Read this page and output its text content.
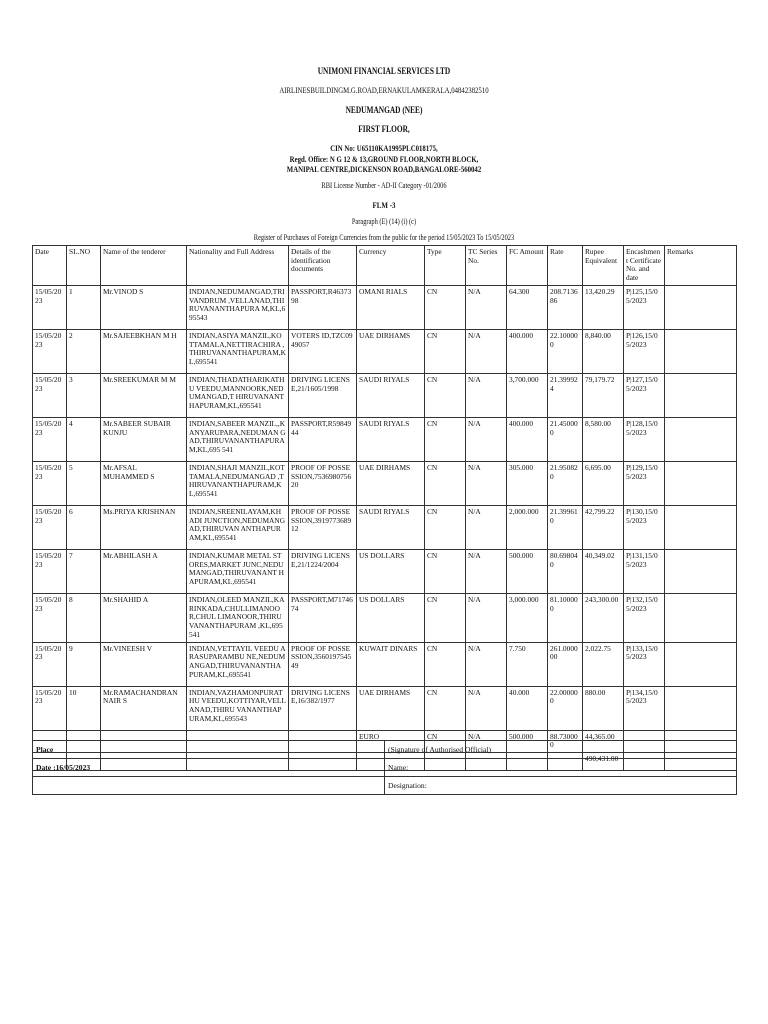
UNIMONI FINANCIAL SERVICES LTD
AIRLINESBUILDINGM.G.ROAD,ERNAKULAMKERALA,04842382510
NEDUMANGAD (NEE)
FIRST FLOOR,
CIN No: U65110KA1995PLC018175,
Regd. Office: N G 12 & 13,GROUND FLOOR,NORTH BLOCK,
MANIPAL CENTRE,DICKENSON ROAD,BANGALORE-560042
RBI License Number - AD-II Category -01/2006
FLM -3
Paragraph (E) (14) (i) (c)
Register of Purchases of Foreign Currencies from the public for the period 15/05/2023 To 15/05/2023
Date	SL.NO	Name of the tenderer	Nationality and Full Address	Details of the identification documents	Currency	Type	TC Series No.	FC Amount	Rate	Rupee Equivalent	Encashment Certificate No. and date	Remarks
15/05/2023	1	Mr.VINOD S	INDIAN,NEDUMANGAD,TRIVANDRUM ,VELLANAD,THIRUVANANTHAPURA M,KL,695543	PASSPORT,R4637398	OMANI RIALS	CN	N/A	64.300	208.713686	13,420.29	P|125,15/05/2023	
15/05/2023	2	Mr.SAJEEBKHAN M H	INDIAN,ASIYA MANZIL,KOTTAMALA,NETTIRACHIRA ,THIRUVANANTHAPURAM,KL,695541	VOTERS ID,TZC0949057	UAE DIRHAMS	CN	N/A	400.000	22.100000	8,840.00	P|126,15/05/2023	
15/05/2023	3	Mr.SREEKUMAR M M	INDIAN,THADATHARIKATHU VEEDU,MANNOORK,NEDUMANGAD,T HIRUVANANTHAPURAM,KL,695541	DRIVING LICENSE,21/1605/1998	SAUDI RIYALS	CN	N/A	3,700.000	21.399924	79,179.72	P|127,15/05/2023	
15/05/2023	4	Mr.SABEER SUBAIR KUNJU	INDIAN,SABEER MANZIL,,KANYARUPARA,NEDUMAN GAD,THIRUVANANTHAPURAM,KL,695 541	PASSPORT,R5984944	SAUDI RIYALS	CN	N/A	400.000	21.450000	8,580.00	P|128,15/05/2023	
15/05/2023	5	Mr.AFSAL MUHAMMED S	INDIAN,SHAJI MANZIL,KOTTAMALA,NEDUMANGAD ,THIRUVANANTHAPURAM,KL,695541	PROOF OF POSSESSION,753698075620	UAE DIRHAMS	CN	N/A	305.000	21.950820	6,695.00	P|129,15/05/2023	
15/05/2023	6	Ms.PRIYA KRISHNAN	INDIAN,SREENILAYAM,KHADI JUNCTION,NEDUMANGAD,THIRUVAN ANTHAPURAM,KL,695541	PROOF OF POSSESSION,391977368912	SAUDI RIYALS	CN	N/A	2,000.000	21.399610	42,799.22	P|130,15/05/2023	
15/05/2023	7	Mr.ABHILASH A	INDIAN,KUMAR METAL STORES,MARKET JUNC,NEDUMANGAD,THIRUVANANT HAPURAM,KL,695541	DRIVING LICENSE,21/1224/2004	US DOLLARS	CN	N/A	500.000	80.698040	40,349.02	P|131,15/05/2023	
15/05/2023	8	Mr.SHAHID A	INDIAN,OLEED MANZIL,KARINKADA,CHULLIMANOOR,CHUL LIMANOOR,THIRUVANANTHAPURAM ,KL,695541	PASSPORT,M7174674	US DOLLARS	CN	N/A	3,000.000	81.100000	243,300.00	P|132,15/05/2023	
15/05/2023	9	Mr.VINEESH V	INDIAN,VETTAYIL VEEDU ARASUPARAMBU NE,NEDUMANGAD,THIRUVANANTHA PURAM,KL,695541	PROOF OF POSSESSION,356019754549	KUWAIT DINARS	CN	N/A	7.750	261.000000	2,022.75	P|133,15/05/2023	
15/05/2023	10	Mr.RAMACHANDRAN NAIR S	INDIAN,VAZHAMONPURATHU VEEDU,KOTTIYAR,VELLANAD,THIRU VANANTHAPURAM,KL,695543	DRIVING LICENSE,16/382/1977	UAE DIRHAMS	CN	N/A	40.000	22.000000	880.00	P|134,15/05/2023	
					EURO	CN	N/A	500.000	88.730000	44,365.00		
										490,431.00		
Place	(Signature of Authorised Official)
Date :16/05/2023	Name:
	Designation:
